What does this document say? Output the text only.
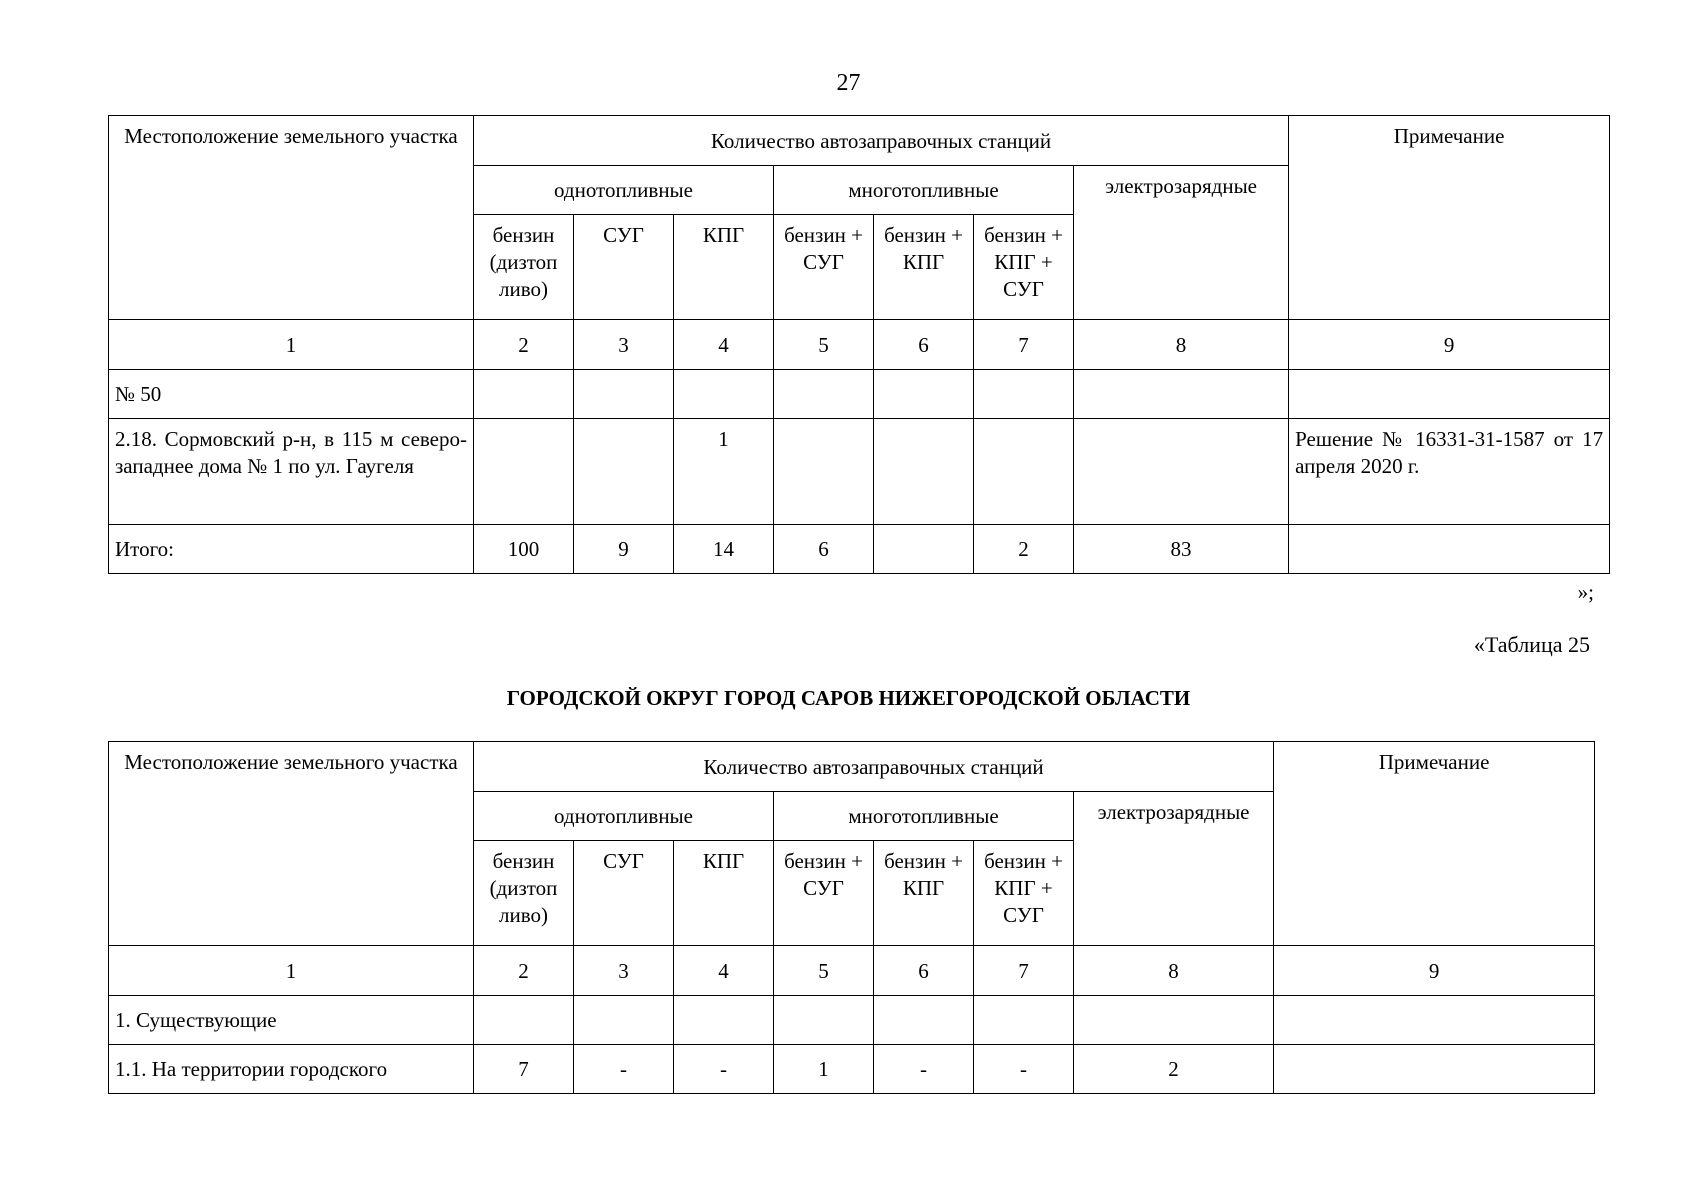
27
Местоположение земельного участка	Количество автозаправочных станций							Примечание
	однотопливные			многотопливные			электрозарядные	
	бензин (дизтоп ливо)	СУГ	КПГ	бензин + СУГ	бензин + КПГ	бензин + КПГ + СУГ		
1	2	3	4	5	6	7	8	9
№ 50								
2.18. Сормовский р-н, в 115 м северо-западнее дома № 1 по ул. Гаугеля			1					Решение № 16331-31-1587 от 17 апреля 2020 г.
Итого:	100	9	14	6		2	83	
»;
«Таблица 25
ГОРОДСКОЙ ОКРУГ ГОРОД САРОВ НИЖЕГОРОДСКОЙ ОБЛАСТИ
Местоположение земельного участка	Количество автозаправочных станций							Примечание
	однотопливные			многотопливные			электрозарядные	
	бензин (дизтоп ливо)	СУГ	КПГ	бензин + СУГ	бензин + КПГ	бензин + КПГ + СУГ		
1	2	3	4	5	6	7	8	9
1. Существующие								
1.1. На территории городского	7	-	-	1	-	-	2	
